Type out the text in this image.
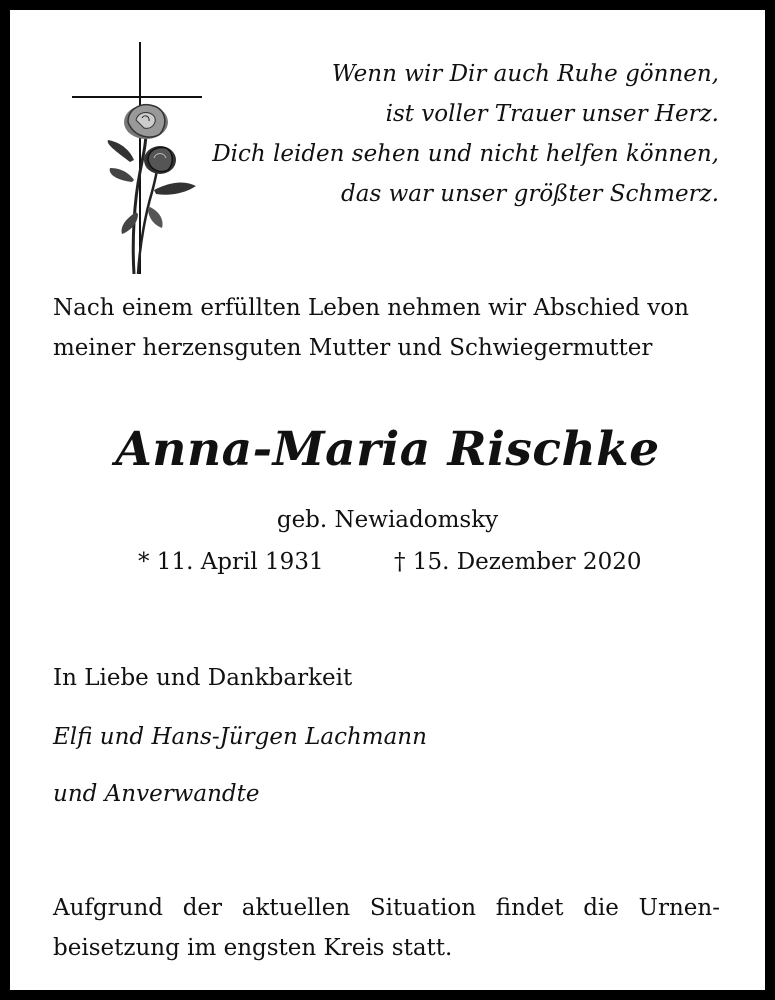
Wenn wir Dir auch Ruhe gönnen,
ist voller Trauer unser Herz.
Dich leiden sehen und nicht helfen können,
das war unser größter Schmerz.
Nach einem erfüllten Leben nehmen wir Abschied von
meiner herzensguten Mutter und Schwiegermutter
Anna-Maria Rischke
geb. Newiadomsky
* 11. April 1931	† 15. Dezember 2020
In Liebe und Dankbarkeit
Elfi und Hans-Jürgen Lachmann
und Anverwandte
Aufgrund der aktuellen Situation findet die Urnen-
beisetzung im engsten Kreis statt.
